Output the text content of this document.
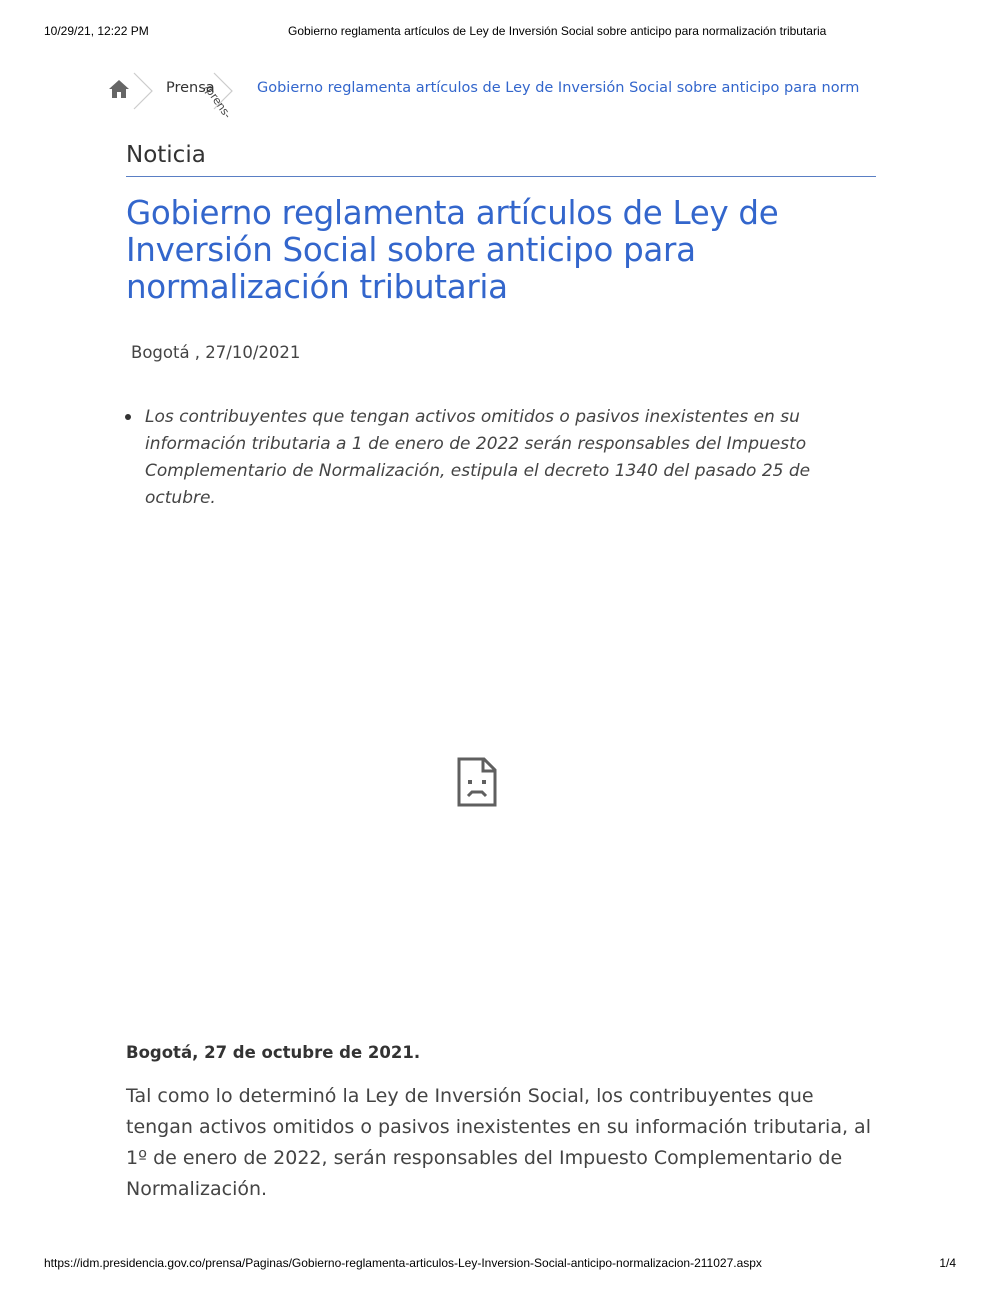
10/29/21, 12:22 PM	Gobierno reglamenta artículos de Ley de Inversión Social sobre anticipo para normalización tributaria
Prensa
/prens- Gobierno reglamenta artículos de Ley de Inversión Social sobre anticipo para norm
Noticia
Gobierno reglamenta artículos de Ley de Inversión Social sobre anticipo para normalización tributaria
Bogotá , 27/10/2021
Los contribuyentes que tengan activos omitidos o pasivos inexistentes en su información tributaria a 1 de enero de 2022 serán responsables del Impuesto Complementario de Normalización, estipula el decreto 1340 del pasado 25 de octubre.
Bogotá, 27 de octubre de 2021.

Tal como lo determinó la Ley de Inversión Social, los contribuyentes que tengan activos omitidos o pasivos inexistentes en su información tributaria, al 1º de enero de 2022, serán responsables del Impuesto Complementario de Normalización.

https://idm.presidencia.gov.co/prensa/Paginas/Gobierno-reglamenta-articulos-Ley-Inversion-Social-anticipo-normalizacion-211027.aspx	1/4
